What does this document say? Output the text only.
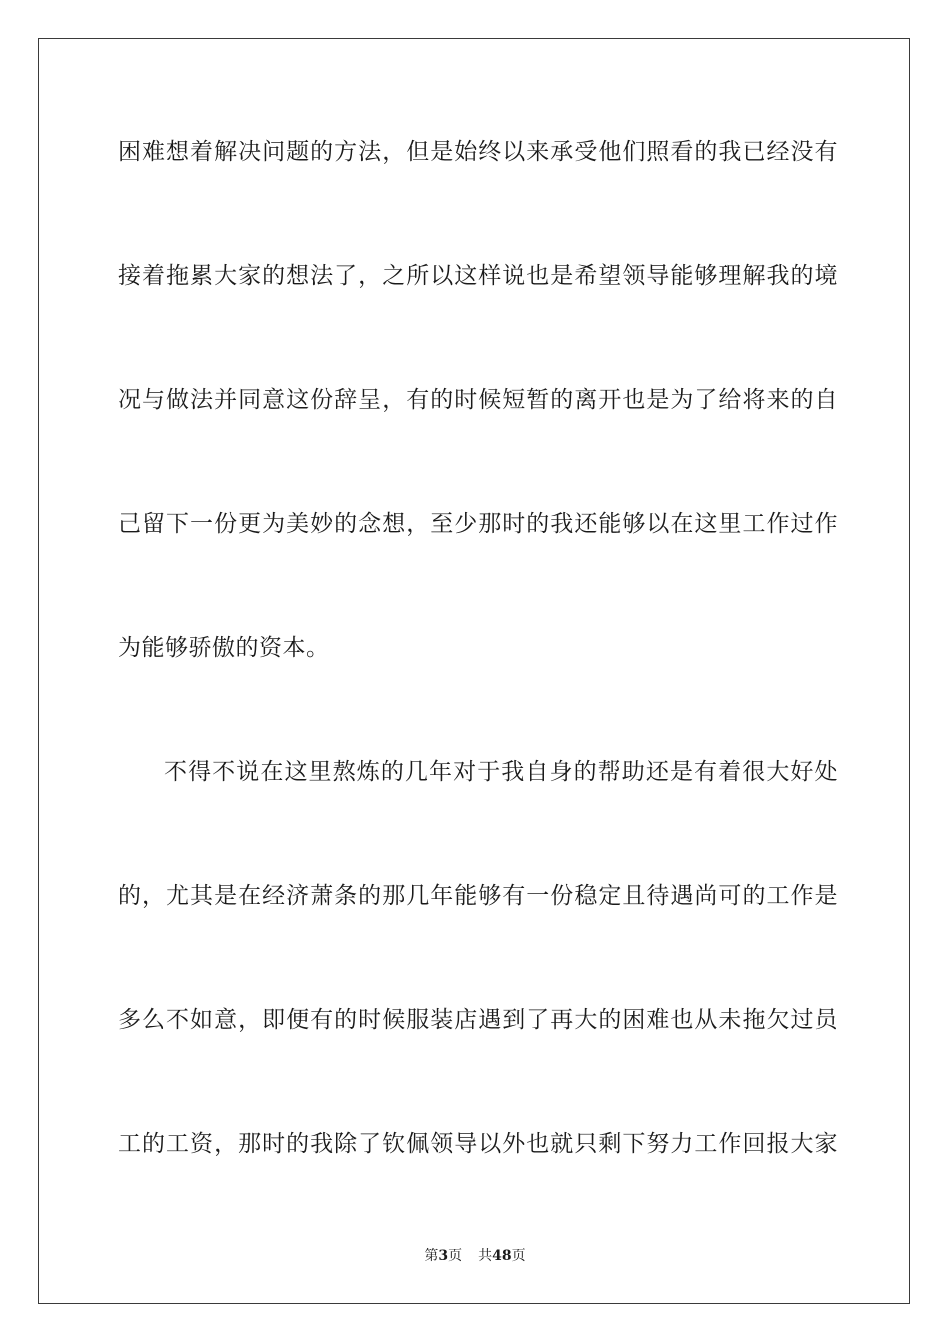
困难想着解决问题的方法，但是始终以来承受他们照看的我已经没有
接着拖累大家的想法了，之所以这样说也是希望领导能够理解我的境
况与做法并同意这份辞呈，有的时候短暂的离开也是为了给将来的自
己留下一份更为美妙的念想，至少那时的我还能够以在这里工作过作
为能够骄傲的资本。
不得不说在这里熬炼的几年对于我自身的帮助还是有着很大好处
的，尤其是在经济萧条的那几年能够有一份稳定且待遇尚可的工作是
多么不如意，即便有的时候服装店遇到了再大的困难也从未拖欠过员
工的工资，那时的我除了钦佩领导以外也就只剩下努力工作回报大家
第3页 共48页
